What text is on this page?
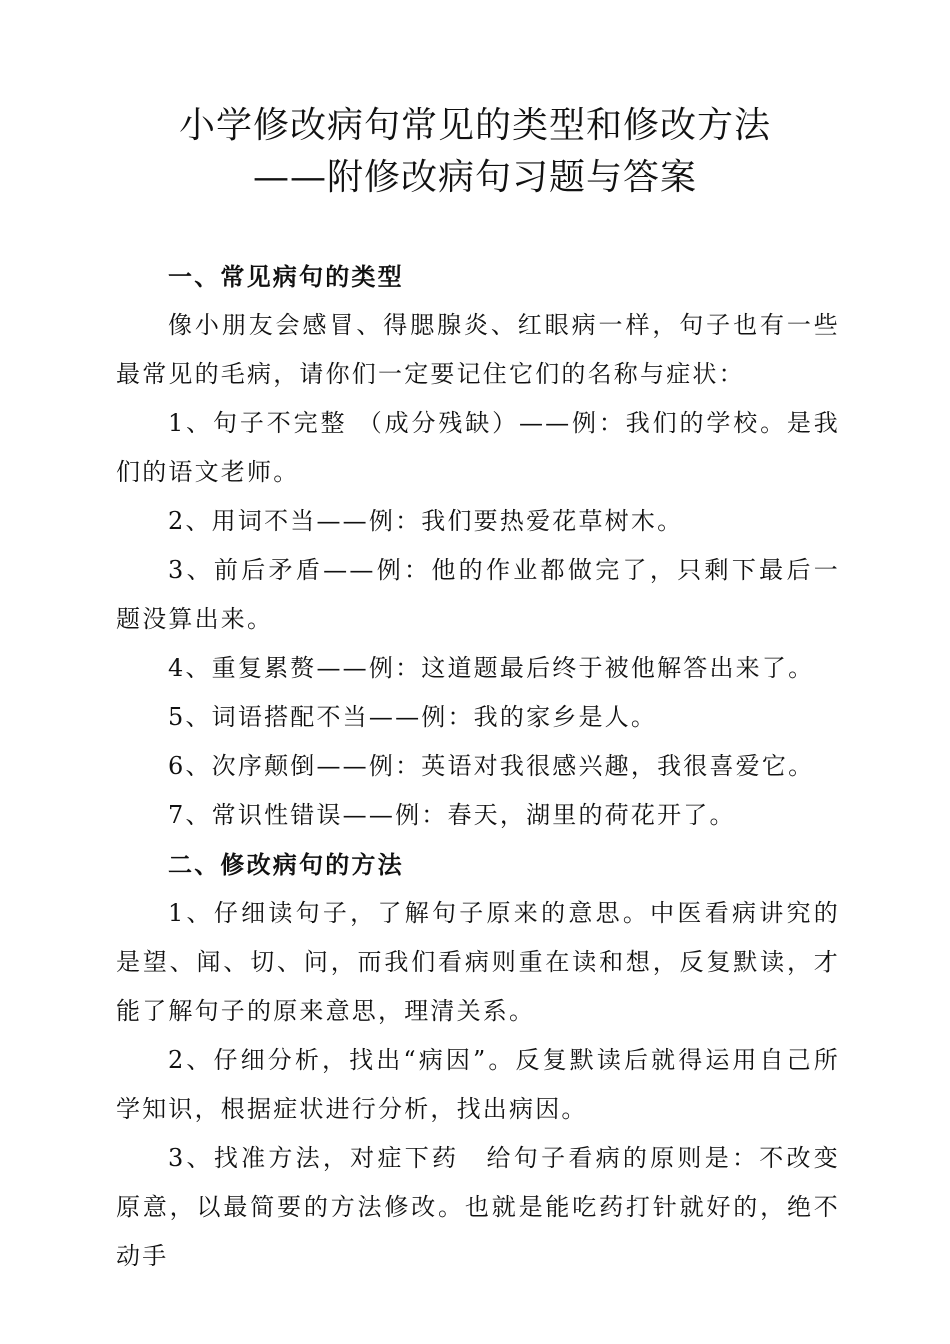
小学修改病句常见的类型和修改方法
——附修改病句习题与答案

一、常见病句的类型

像小朋友会感冒、得腮腺炎、红眼病一样，句子也有一些最常见的毛病，请你们一定要记住它们的名称与症状：

1、句子不完整 （成分残缺）——例：我们的学校。是我们的语文老师。

2、用词不当——例：我们要热爱花草树木。

3、前后矛盾——例：他的作业都做完了，只剩下最后一题没算出来。

4、重复累赘——例：这道题最后终于被他解答出来了。

5、词语搭配不当——例：我的家乡是人。

6、次序颠倒——例：英语对我很感兴趣，我很喜爱它。

7、常识性错误——例：春天，湖里的荷花开了。

二、修改病句的方法

1、仔细读句子，了解句子原来的意思。中医看病讲究的是望、闻、切、问，而我们看病则重在读和想，反复默读，才能了解句子的原来意思，理清关系。

2、仔细分析，找出“病因”。反复默读后就得运用自己所学知识，根据症状进行分析，找出病因。

3、找准方法，对症下药　给句子看病的原则是：不改变原意，以最简要的方法修改。也就是能吃药打针就好的，绝不动手
